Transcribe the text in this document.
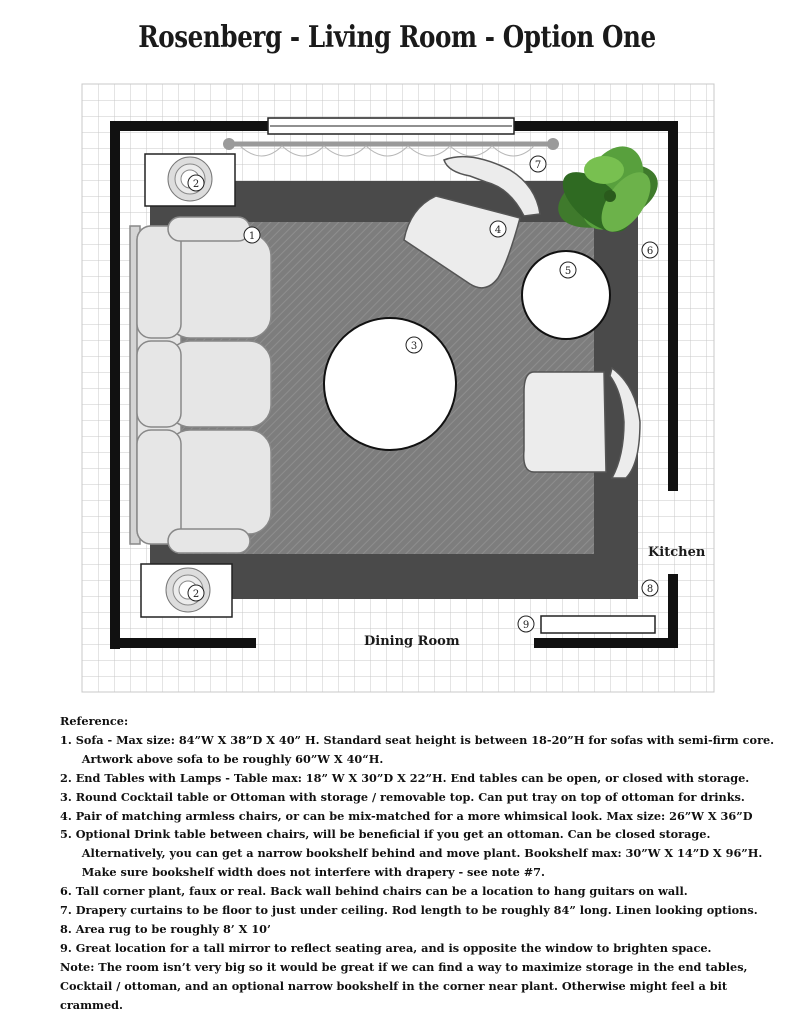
Rosenberg - Living Room - Option One
Kitchen
Dining Room
1
2
2
3
4
5
6
7
8
9
Reference:
1. Sofa - Max size: 84”W X 38”D X 40” H. Standard seat height is between 18-20”H for sofas with semi-firm core.
Artwork above sofa to be roughly 60”W X 40“H.
2. End Tables with Lamps - Table max: 18” W X 30”D X 22”H. End tables can be open, or closed with storage.
3. Round Cocktail table or Ottoman with storage / removable top. Can put tray on top of ottoman for drinks.
4. Pair of matching armless chairs, or can be mix-matched for a more whimsical look. Max size: 26”W X 36”D
5. Optional Drink table between chairs, will be beneficial if you get an ottoman. Can be closed storage.
Alternatively, you can get a narrow bookshelf behind and move plant. Bookshelf max: 30”W X 14”D X 96”H.
Make sure bookshelf width does not interfere with drapery - see note #7.
6. Tall corner plant, faux or real. Back wall behind chairs can be a location to hang guitars on wall.
7. Drapery curtains to be floor to just under ceiling. Rod length to be roughly 84” long. Linen looking options.
8. Area rug to be roughly 8’ X 10’
9. Great location for a tall mirror to reflect seating area, and is opposite the window to brighten space.
Note: The room isn’t very big so it would be great if we can find a way to maximize storage in the end tables,
Cocktail / ottoman, and an optional narrow bookshelf in the corner near plant. Otherwise might feel a bit
crammed.
